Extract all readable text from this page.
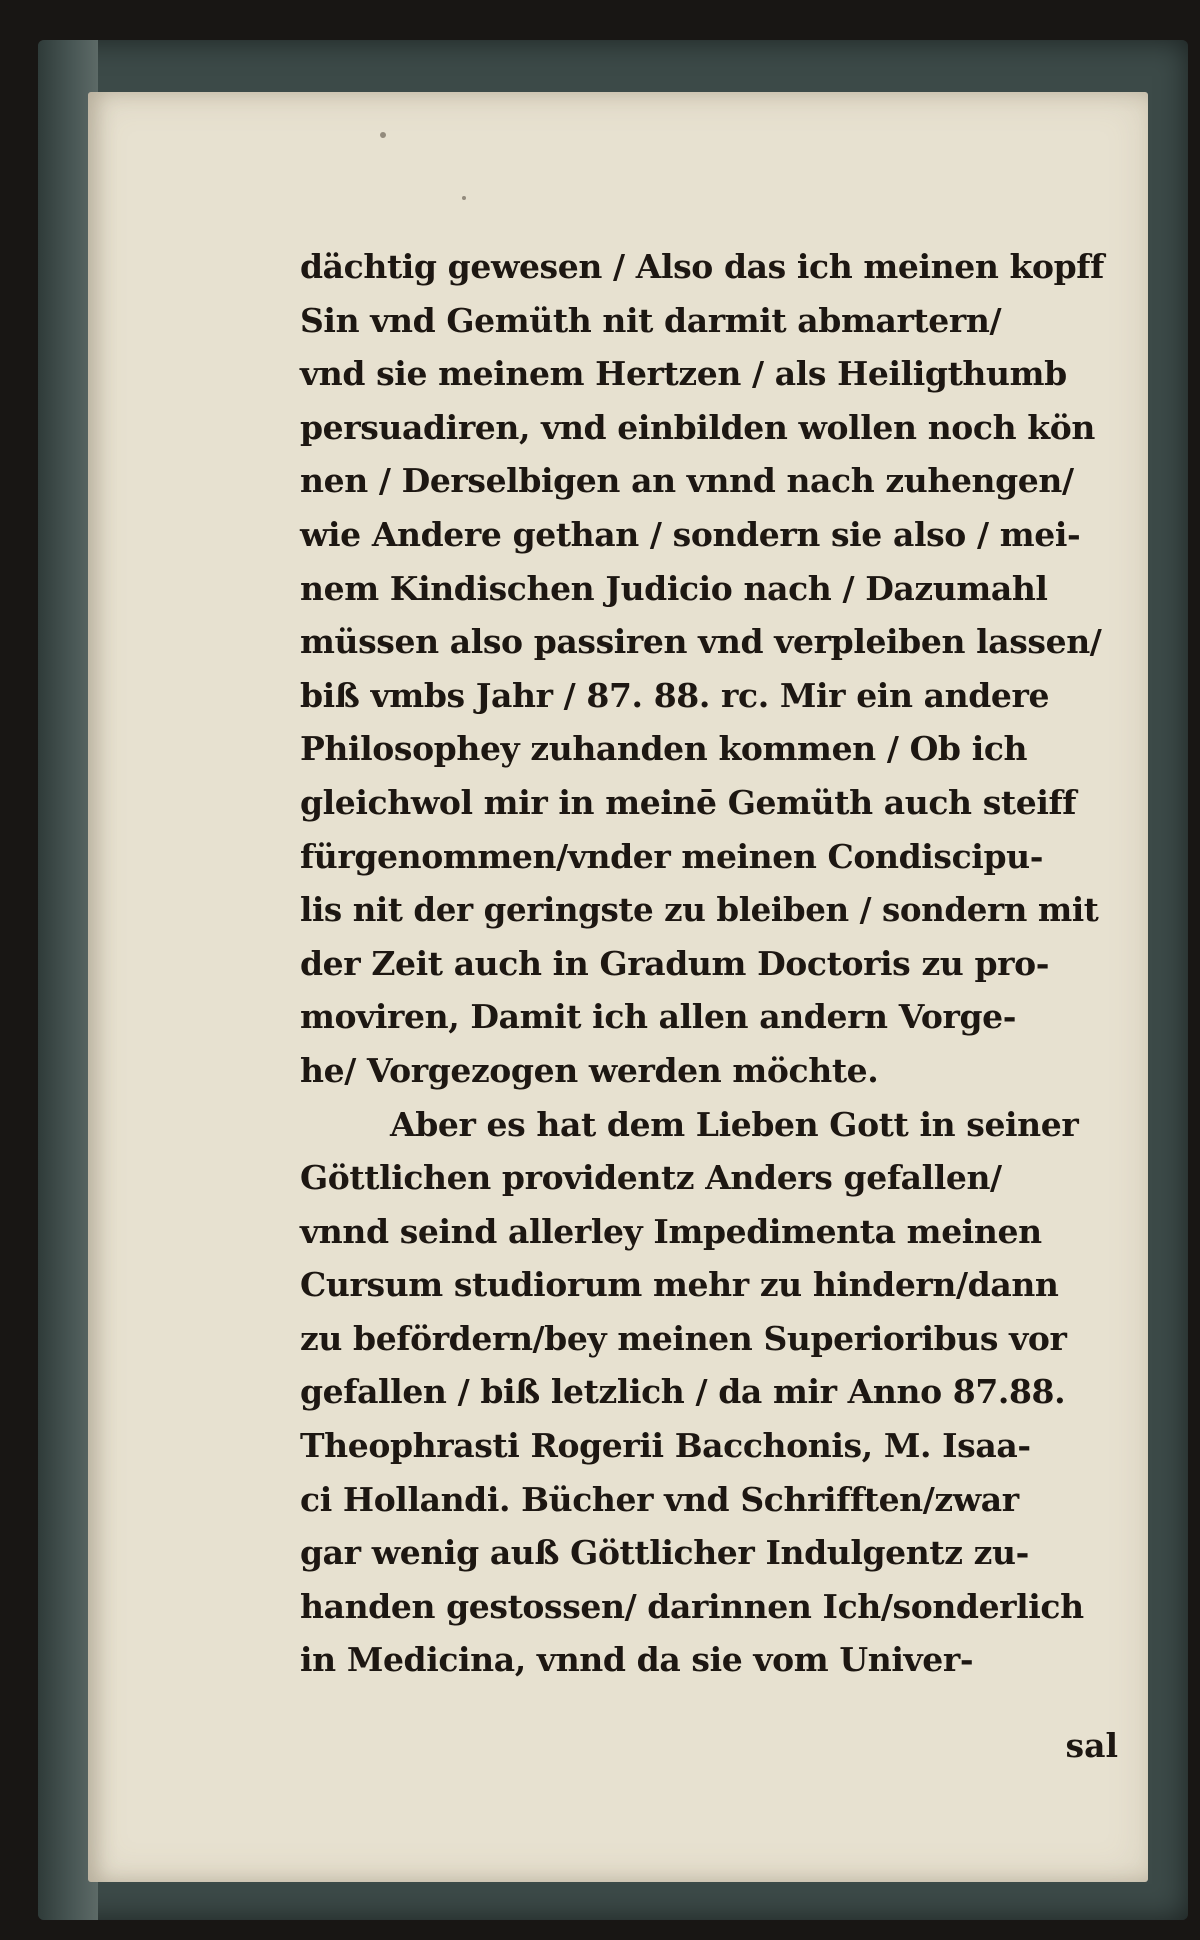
dächtig gewesen / Also das ich meinen kopff
Sin vnd Gemüth nit darmit abmartern/
vnd sie meinem Hertzen / als Heiligthumb
persuadiren, vnd einbilden wollen noch kön
nen / Derselbigen an vnnd nach zuhengen/
wie Andere gethan / sondern sie also / mei-
nem Kindischen Judicio nach / Dazumahl
müssen also passiren vnd verpleiben lassen/
biß vmbs Jahr / 87. 88. rc. Mir ein andere
Philosophey zuhanden kommen / Ob ich
gleichwol mir in meinē Gemüth auch steiff
fürgenommen/vnder meinen Condiscipu-
lis nit der geringste zu bleiben / sondern mit
der Zeit auch in Gradum Doctoris zu pro-
moviren, Damit ich allen andern Vorge-
he/ Vorgezogen werden möchte.
Aber es hat dem Lieben Gott in seiner
Göttlichen providentz Anders gefallen/
vnnd seind allerley Impedimenta meinen
Cursum studiorum mehr zu hindern/dann
zu befördern/bey meinen Superioribus vor
gefallen / biß letzlich / da mir Anno 87.88.
Theophrasti Rogerii Bacchonis, M. Isaa-
ci Hollandi. Bücher vnd Schrifften/zwar
gar wenig auß Göttlicher Indulgentz zu-
handen gestossen/ darinnen Ich/sonderlich
in Medicina, vnnd da sie vom Univer-
sal
